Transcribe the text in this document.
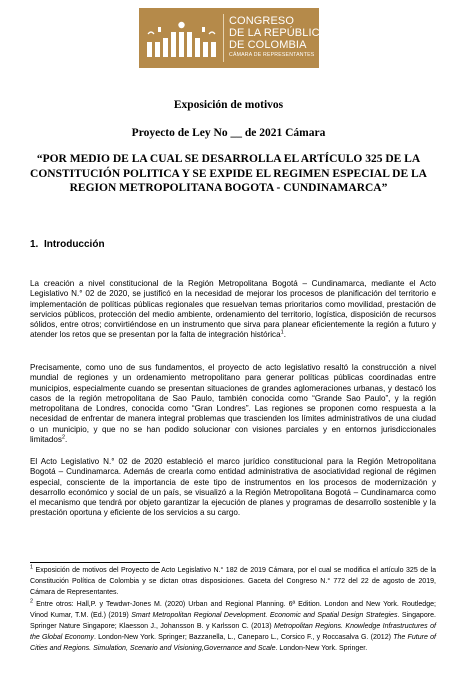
CONGRESO
DE LA REPÚBLICA
DE COLOMBIA
CÁMARA DE REPRESENTANTES
Exposición de motivos
Proyecto de Ley No __ de 2021 Cámara
“POR MEDIO DE LA CUAL SE DESARROLLA EL ARTÍCULO 325 DE LA CONSTITUCIÓN POLITICA Y SE EXPIDE EL REGIMEN ESPECIAL DE LA REGION METROPOLITANA BOGOTA - CUNDINAMARCA”
1. Introducción
La creación a nivel constitucional de la Región Metropolitana Bogotá – Cundinamarca, mediante el Acto Legislativo N.° 02 de 2020, se justificó en la necesidad de mejorar los procesos de planificación del territorio e implementación de políticas públicas regionales que resuelvan temas prioritarios como movilidad, prestación de servicios públicos, protección del medio ambiente, ordenamiento del territorio, logística, disposición de recursos sólidos, entre otros; convirtiéndose en un instrumento que sirva para planear eficientemente la región a futuro y atender los retos que se presentan por la falta de integración histórica$^1$.
Precisamente, como uno de sus fundamentos, el proyecto de acto legislativo resaltó la construcción a nivel mundial de regiones y un ordenamiento metropolitano para generar políticas públicas coordinadas entre municipios, especialmente cuando se presentan situaciones de grandes aglomeraciones urbanas, y destacó los casos de la región metropolitana de Sao Paulo, también conocida como “Grande Sao Paulo”, y la región metropolitana de Londres, conocida como “Gran Londres”. Las regiones se proponen como respuesta a la necesidad de enfrentar de manera integral problemas que trascienden los límites administrativos de una ciudad o un municipio, y que no se han podido solucionar con visiones parciales y en entornos jurisdiccionales limitados$^2$.
El Acto Legislativo N.° 02 de 2020 estableció el marco jurídico constitucional para la Región Metropolitana Bogotá – Cundinamarca. Además de crearla como entidad administrativa de asociatividad regional de régimen especial, consciente de la importancia de este tipo de instrumentos en los procesos de modernización y desarrollo económico y social de un país, se visualizó a la Región Metropolitana Bogotá – Cundinamarca como el mecanismo que tendrá por objeto garantizar la ejecución de planes y programas de desarrollo sostenible y la prestación oportuna y eficiente de los servicios a su cargo.
$^1$ Exposición de motivos del Proyecto de Acto Legislativo N.° 182 de 2019 Cámara, por el cual se modifica el artículo 325 de la Constitución Política de Colombia y se dictan otras disposiciones. Gaceta del Congreso N.° 772 del 22 de agosto de 2019, Cámara de Representantes.
$^2$ Entre otros: Hall,P. y Tewdwr-Jones M. (2020) Urban and Regional Planning. 6ª Edition. London and New York. Routledge; Vinod Kumar, T.M. (Ed.) (2019) Smart Metropolitan Regional Development. Economic and Spatial Design Strategies. Singapore. Springer Nature Singapore; Klaesson J., Johansson B. y Karlsson C. (2013) Metropolitan Regions. Knowledge Infrastructures of the Global Economy. London-New York. Springer; Bazzanella, L., Caneparo L., Corsico F., y Roccasalva G. (2012) The Future of Cities and Regions. Simulation, Scenario and Visioning,Governance and Scale. London-New York. Springer.
